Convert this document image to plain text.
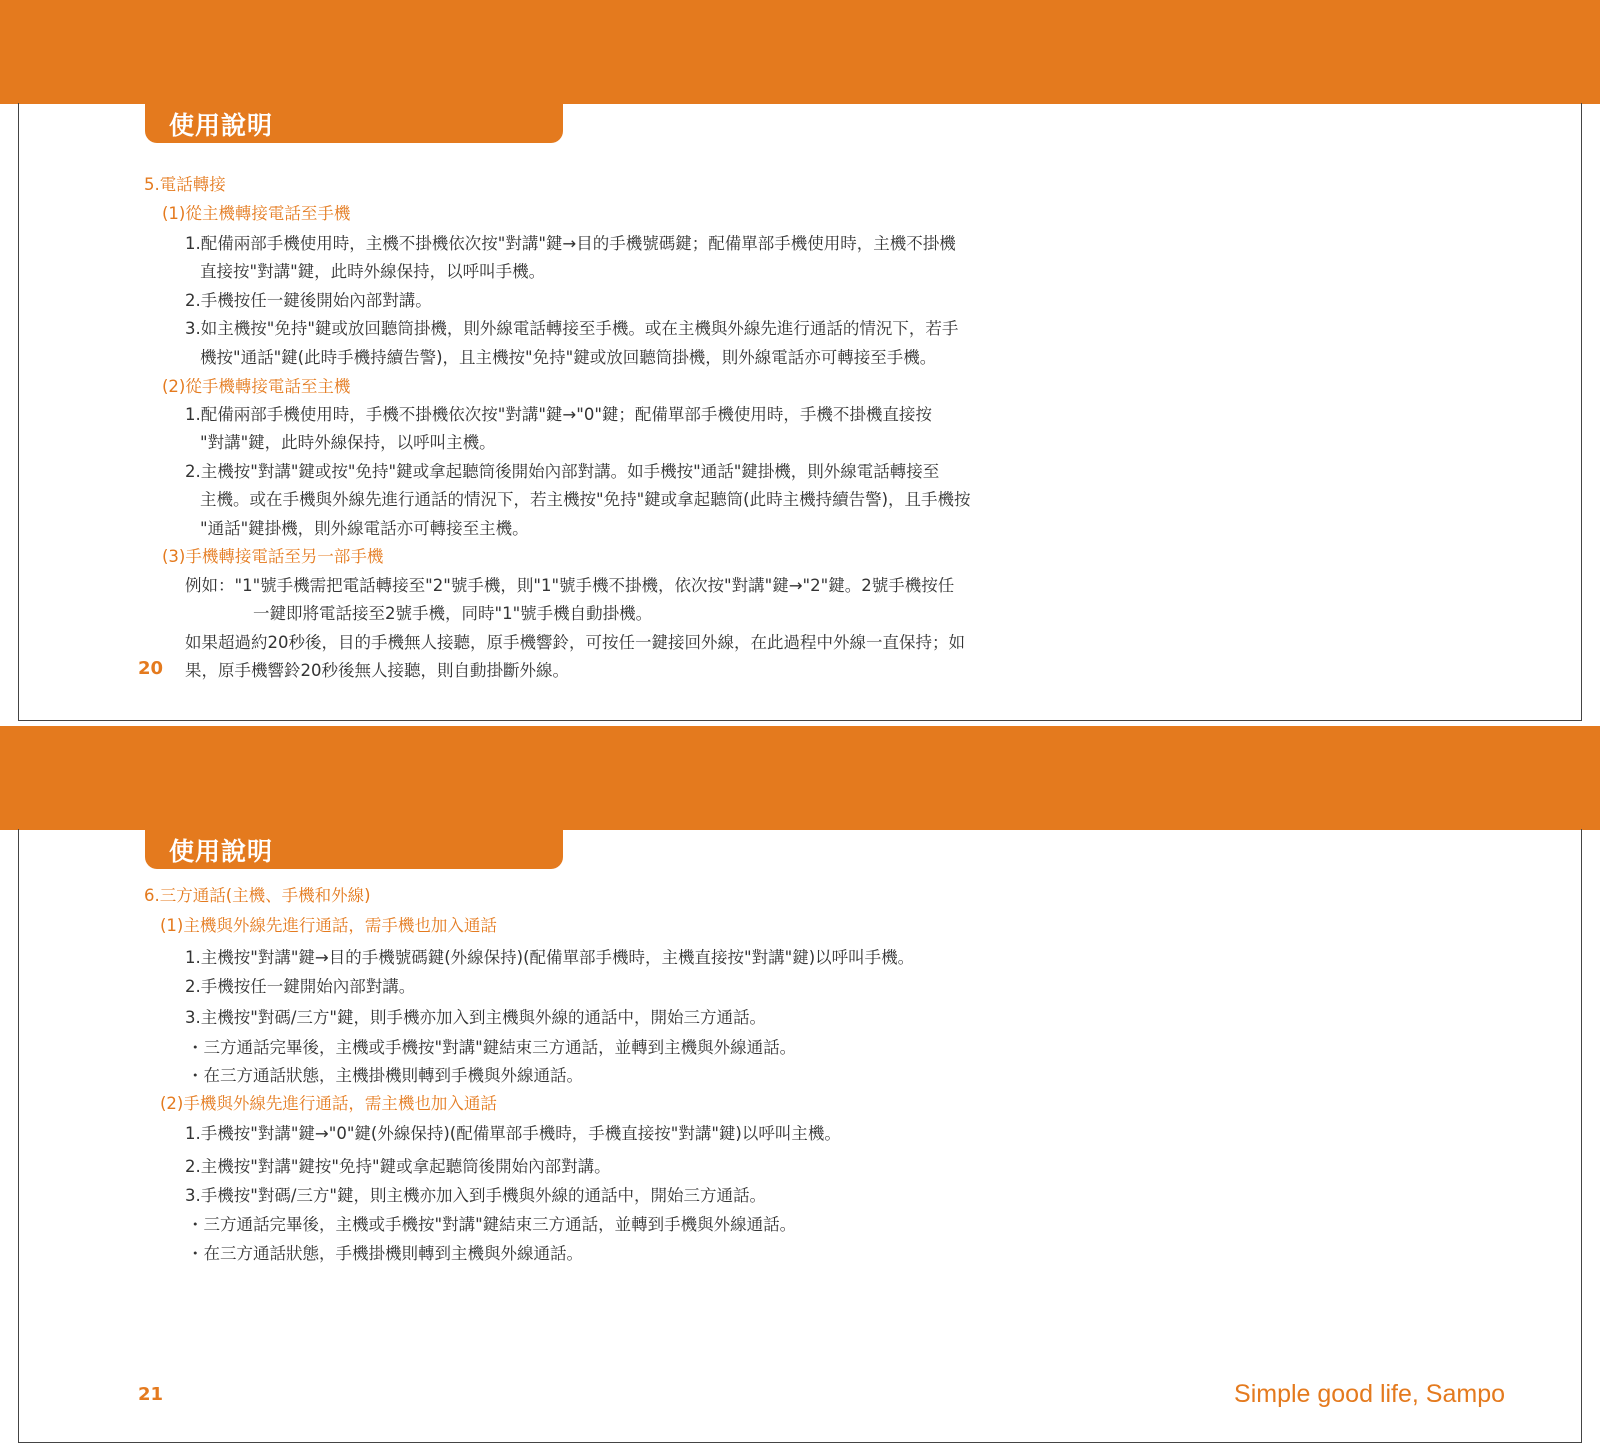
使用說明
5.電話轉接
(1)從主機轉接電話至手機
1.配備兩部手機使用時，主機不掛機依次按"對講"鍵→目的手機號碼鍵；配備單部手機使用時，主機不掛機
直接按"對講"鍵，此時外線保持，以呼叫手機。
2.手機按任一鍵後開始內部對講。
3.如主機按"免持"鍵或放回聽筒掛機，則外線電話轉接至手機。或在主機與外線先進行通話的情況下，若手
機按"通話"鍵(此時手機持續告警)，且主機按"免持"鍵或放回聽筒掛機，則外線電話亦可轉接至手機。
(2)從手機轉接電話至主機
1.配備兩部手機使用時，手機不掛機依次按"對講"鍵→"0"鍵；配備單部手機使用時，手機不掛機直接按
"對講"鍵，此時外線保持，以呼叫主機。
2.主機按"對講"鍵或按"免持"鍵或拿起聽筒後開始內部對講。如手機按"通話"鍵掛機，則外線電話轉接至
主機。或在手機與外線先進行通話的情況下，若主機按"免持"鍵或拿起聽筒(此時主機持續告警)，且手機按
"通話"鍵掛機，則外線電話亦可轉接至主機。
(3)手機轉接電話至另一部手機
例如："1"號手機需把電話轉接至"2"號手機，則"1"號手機不掛機，依次按"對講"鍵→"2"鍵。2號手機按任
一鍵即將電話接至2號手機，同時"1"號手機自動掛機。
如果超過約20秒後，目的手機無人接聽，原手機響鈴，可按任一鍵接回外線，在此過程中外線一直保持；如
果，原手機響鈴20秒後無人接聽，則自動掛斷外線。
20
使用說明
6.三方通話(主機、手機和外線)
(1)主機與外線先進行通話，需手機也加入通話
1.主機按"對講"鍵→目的手機號碼鍵(外線保持)(配備單部手機時，主機直接按"對講"鍵)以呼叫手機。
2.手機按任一鍵開始內部對講。
3.主機按"對碼/三方"鍵，則手機亦加入到主機與外線的通話中，開始三方通話。
・三方通話完畢後，主機或手機按"對講"鍵結束三方通話，並轉到主機與外線通話。
・在三方通話狀態，主機掛機則轉到手機與外線通話。
(2)手機與外線先進行通話，需主機也加入通話
1.手機按"對講"鍵→"0"鍵(外線保持)(配備單部手機時，手機直接按"對講"鍵)以呼叫主機。
2.主機按"對講"鍵按"免持"鍵或拿起聽筒後開始內部對講。
3.手機按"對碼/三方"鍵，則主機亦加入到手機與外線的通話中，開始三方通話。
・三方通話完畢後，主機或手機按"對講"鍵結束三方通話，並轉到手機與外線通話。
・在三方通話狀態，手機掛機則轉到主機與外線通話。
21	Simple good life, Sampo
